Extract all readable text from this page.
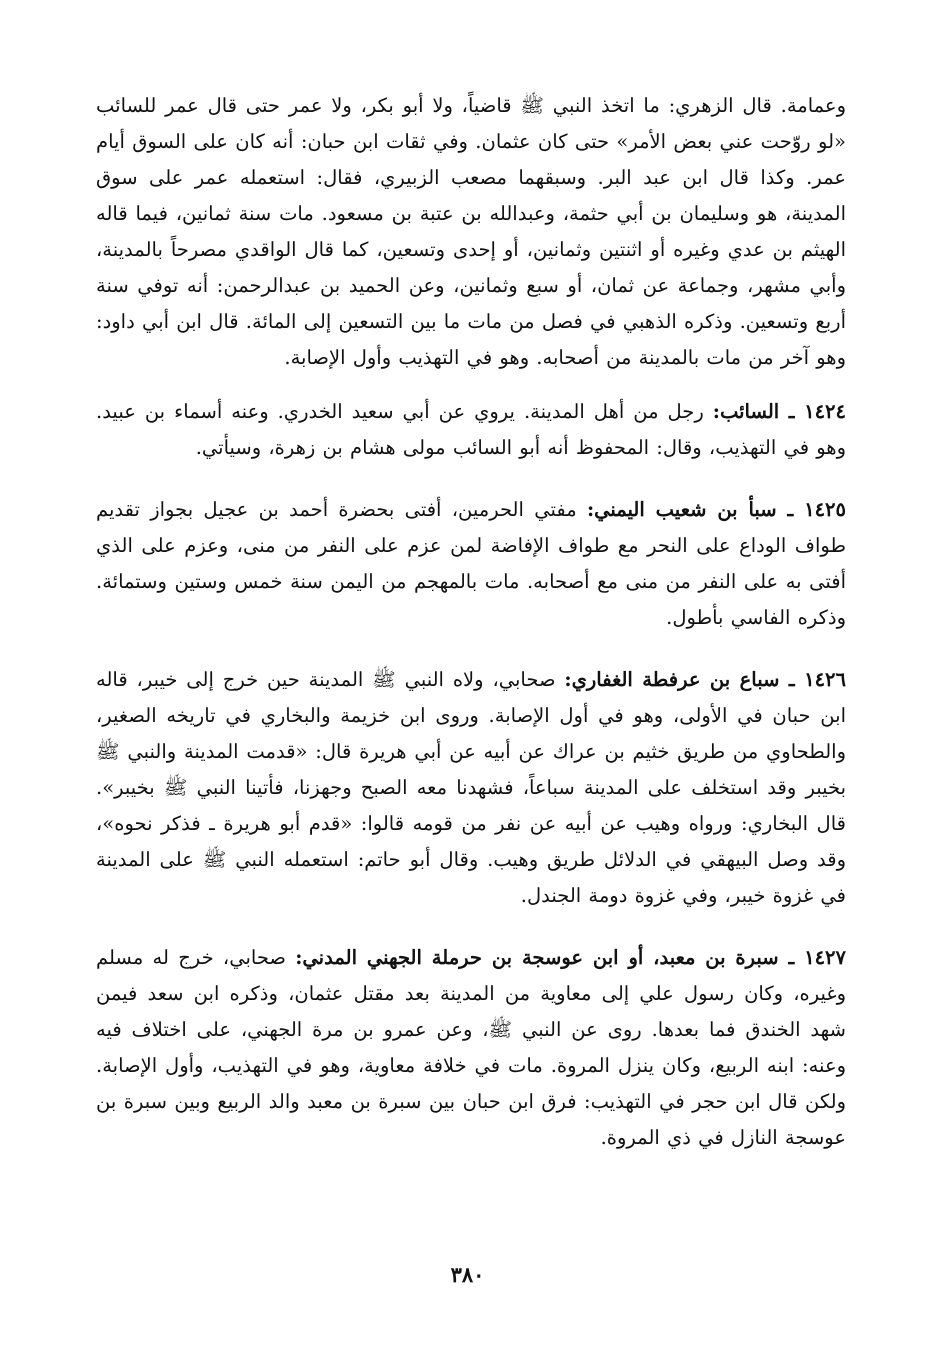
وعمامة. قال الزهري: ما اتخذ النبي ﷺ قاضياً، ولا أبو بكر، ولا عمر حتى قال عمر للسائب «لو روّحت عني بعض الأمر» حتى كان عثمان. وفي ثقات ابن حبان: أنه كان على السوق أيام عمر. وكذا قال ابن عبد البر. وسبقهما مصعب الزبيري، فقال: استعمله عمر على سوق المدينة، هو وسليمان بن أبي حثمة، وعبدالله بن عتبة بن مسعود. مات سنة ثمانين، فيما قاله الهيثم بن عدي وغيره أو اثنتين وثمانين، أو إحدى وتسعين، كما قال الواقدي مصرحاً بالمدينة، وأبي مشهر، وجماعة عن ثمان، أو سبع وثمانين، وعن الحميد بن عبدالرحمن: أنه توفي سنة أربع وتسعين. وذكره الذهبي في فصل من مات ما بين التسعين إلى المائة. قال ابن أبي داود: وهو آخر من مات بالمدينة من أصحابه. وهو في التهذيب وأول الإصابة.

١٤٢٤ ـ السائب: رجل من أهل المدينة. يروي عن أبي سعيد الخدري. وعنه أسماء بن عبيد. وهو في التهذيب، وقال: المحفوظ أنه أبو السائب مولى هشام بن زهرة، وسيأتي.

١٤٢٥ ـ سبأ بن شعيب اليمني: مفتي الحرمين، أفتى بحضرة أحمد بن عجيل بجواز تقديم طواف الوداع على النحر مع طواف الإفاضة لمن عزم على النفر من منى، وعزم على الذي أفتى به على النفر من منى مع أصحابه. مات بالمهجم من اليمن سنة خمس وستين وستمائة. وذكره الفاسي بأطول.

١٤٢٦ ـ سباع بن عرفطة الغفاري: صحابي، ولاه النبي ﷺ المدينة حين خرج إلى خيبر، قاله ابن حبان في الأولى، وهو في أول الإصابة. وروى ابن خزيمة والبخاري في تاريخه الصغير، والطحاوي من طريق خثيم بن عراك عن أبيه عن أبي هريرة قال: «قدمت المدينة والنبي ﷺ بخيبر وقد استخلف على المدينة سباعاً، فشهدنا معه الصبح وجهزنا، فأتينا النبي ﷺ بخيبر». قال البخاري: ورواه وهيب عن أبيه عن نفر من قومه قالوا: «قدم أبو هريرة ـ فذكر نحوه»، وقد وصل البيهقي في الدلائل طريق وهيب. وقال أبو حاتم: استعمله النبي ﷺ على المدينة في غزوة خيبر، وفي غزوة دومة الجندل.

١٤٢٧ ـ سبرة بن معبد، أو ابن عوسجة بن حرملة الجهني المدني: صحابي، خرج له مسلم وغيره، وكان رسول علي إلى معاوية من المدينة بعد مقتل عثمان، وذكره ابن سعد فيمن شهد الخندق فما بعدها. روى عن النبي ﷺ، وعن عمرو بن مرة الجهني، على اختلاف فيه وعنه: ابنه الربيع، وكان ينزل المروة. مات في خلافة معاوية، وهو في التهذيب، وأول الإصابة. ولكن قال ابن حجر في التهذيب: فرق ابن حبان بين سبرة بن معبد والد الربيع وبين سبرة بن عوسجة النازل في ذي المروة.

٣٨٠
